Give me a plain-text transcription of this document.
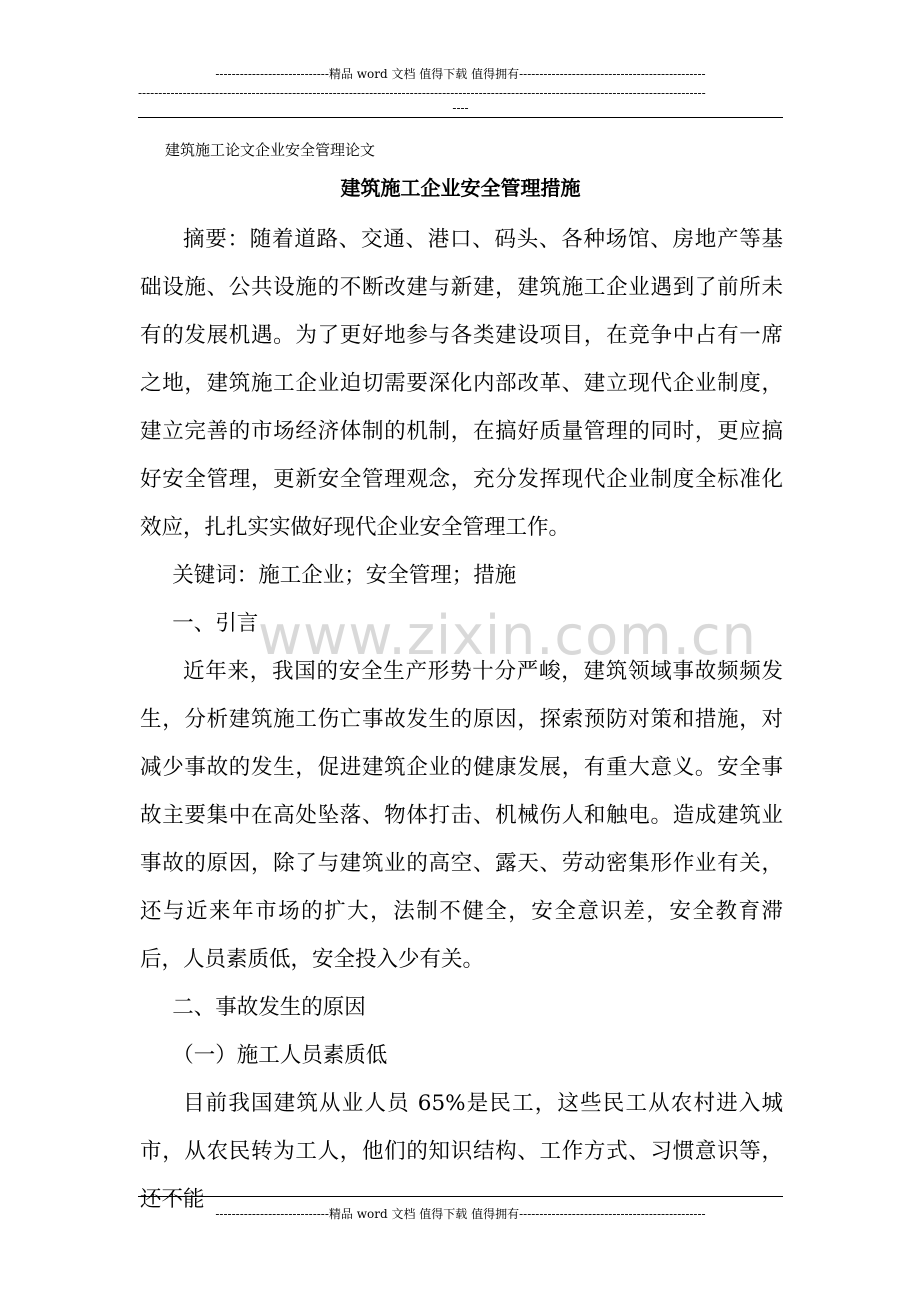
----------------------------精品 word 文档 值得下载 值得拥有----------------------------------------------
--------------------------------------------------------------------------------------------------------------------------------------------
----
建筑施工论文企业安全管理论文
建筑施工企业安全管理措施

摘要：随着道路、交通、港口、码头、各种场馆、房地产等基础设施、公共设施的不断改建与新建，建筑施工企业遇到了前所未有的发展机遇。为了更好地参与各类建设项目，在竞争中占有一席之地，建筑施工企业迫切需要深化内部改革、建立现代企业制度，建立完善的市场经济体制的机制，在搞好质量管理的同时，更应搞好安全管理，更新安全管理观念，充分发挥现代企业制度全标准化效应，扎扎实实做好现代企业安全管理工作。

关键词：施工企业；安全管理；措施

一、引言

近年来，我国的安全生产形势十分严峻，建筑领域事故频频发生，分析建筑施工伤亡事故发生的原因，探索预防对策和措施，对减少事故的发生，促进建筑企业的健康发展，有重大意义。安全事故主要集中在高处坠落、物体打击、机械伤人和触电。造成建筑业事故的原因，除了与建筑业的高空、露天、劳动密集形作业有关，还与近来年市场的扩大，法制不健全，安全意识差，安全教育滞后，人员素质低，安全投入少有关。

二、事故发生的原因

（一）施工人员素质低

目前我国建筑从业人员 65%是民工，这些民工从农村进入城市，从农民转为工人，他们的知识结构、工作方式、习惯意识等，还不能

www.zixin.com.cn
----------------------------精品 word 文档 值得下载 值得拥有----------------------------------------------
